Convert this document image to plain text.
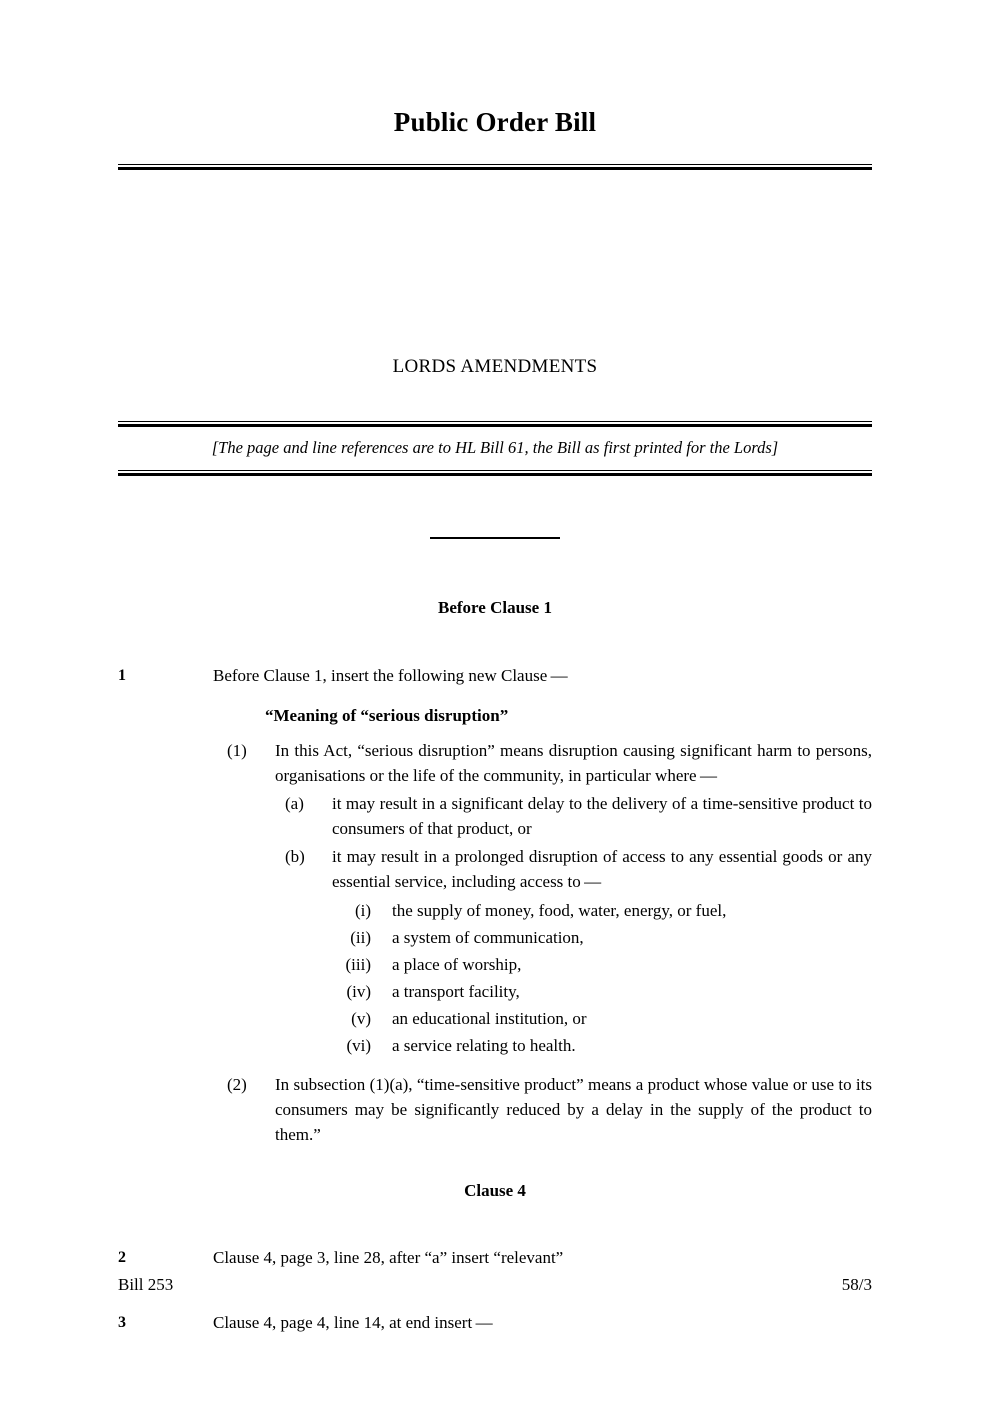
Public Order Bill
LORDS AMENDMENTS
[The page and line references are to HL Bill 61, the Bill as first printed for the Lords]
Before Clause 1
1	Before Clause 1, insert the following new Clause —
“Meaning of “serious disruption”
(1)	In this Act, “serious disruption” means disruption causing significant harm to persons, organisations or the life of the community, in particular where —
(a)	it may result in a significant delay to the delivery of a time-sensitive product to consumers of that product, or
(b)	it may result in a prolonged disruption of access to any essential goods or any essential service, including access to —
(i) the supply of money, food, water, energy, or fuel,
(ii) a system of communication,
(iii) a place of worship,
(iv) a transport facility,
(v) an educational institution, or
(vi) a service relating to health.
(2)	In subsection (1)(a), “time-sensitive product” means a product whose value or use to its consumers may be significantly reduced by a delay in the supply of the product to them.”
Clause 4
2	Clause 4, page 3, line 28, after “a” insert “relevant”
3	Clause 4, page 4, line 14, at end insert —
Bill 253	58/3
